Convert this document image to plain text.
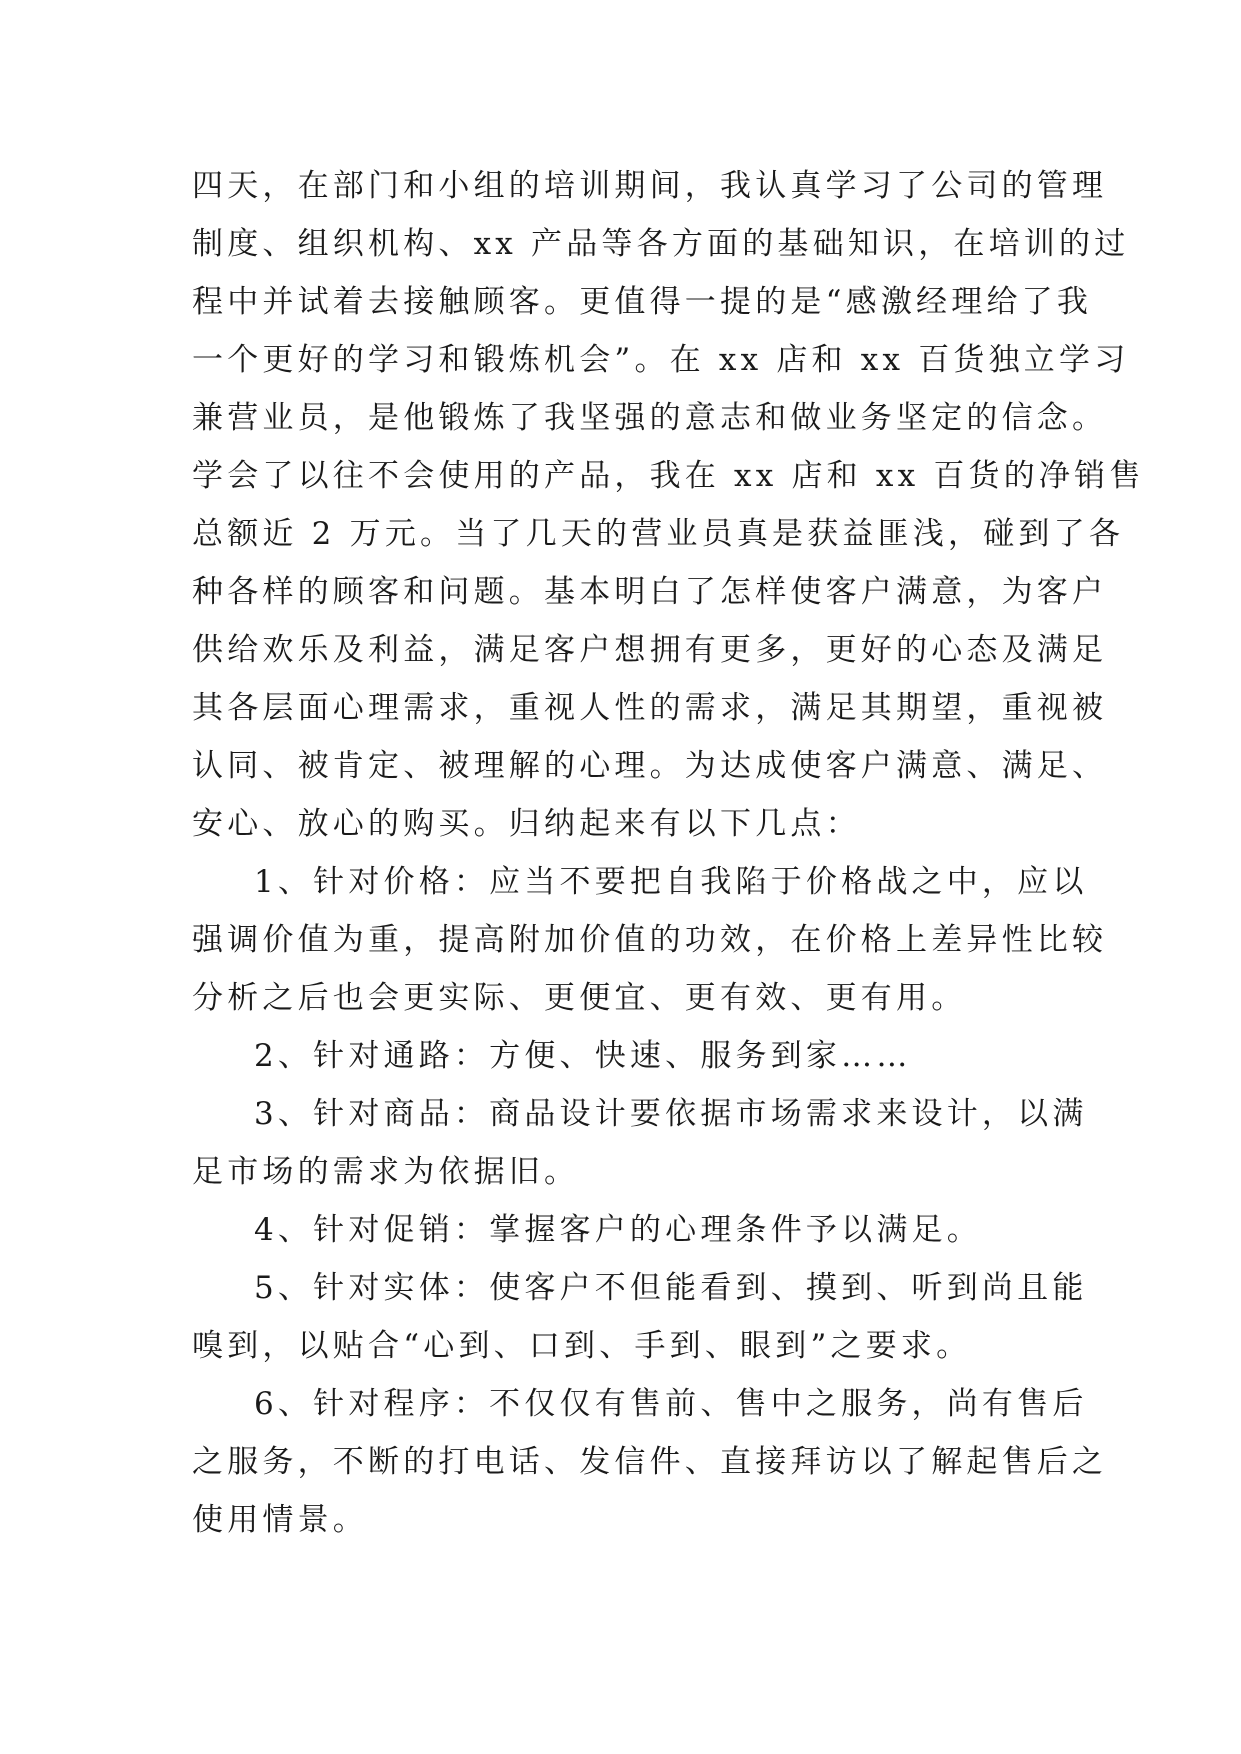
四天，在部门和小组的培训期间，我认真学习了公司的管理
制度、组织机构、xx 产品等各方面的基础知识，在培训的过
程中并试着去接触顾客。更值得一提的是“感激经理给了我
一个更好的学习和锻炼机会”。在 xx 店和 xx 百货独立学习
兼营业员，是他锻炼了我坚强的意志和做业务坚定的信念。
学会了以往不会使用的产品，我在 xx 店和 xx 百货的净销售
总额近 2 万元。当了几天的营业员真是获益匪浅，碰到了各
种各样的顾客和问题。基本明白了怎样使客户满意，为客户
供给欢乐及利益，满足客户想拥有更多，更好的心态及满足
其各层面心理需求，重视人性的需求，满足其期望，重视被
认同、被肯定、被理解的心理。为达成使客户满意、满足、
安心、放心的购买。归纳起来有以下几点：
1、针对价格：应当不要把自我陷于价格战之中，应以
强调价值为重，提高附加价值的功效，在价格上差异性比较
分析之后也会更实际、更便宜、更有效、更有用。
2、针对通路：方便、快速、服务到家……
3、针对商品：商品设计要依据市场需求来设计，以满
足市场的需求为依据旧。
4、针对促销：掌握客户的心理条件予以满足。
5、针对实体：使客户不但能看到、摸到、听到尚且能
嗅到，以贴合“心到、口到、手到、眼到”之要求。
6、针对程序：不仅仅有售前、售中之服务，尚有售后
之服务，不断的打电话、发信件、直接拜访以了解起售后之
使用情景。
